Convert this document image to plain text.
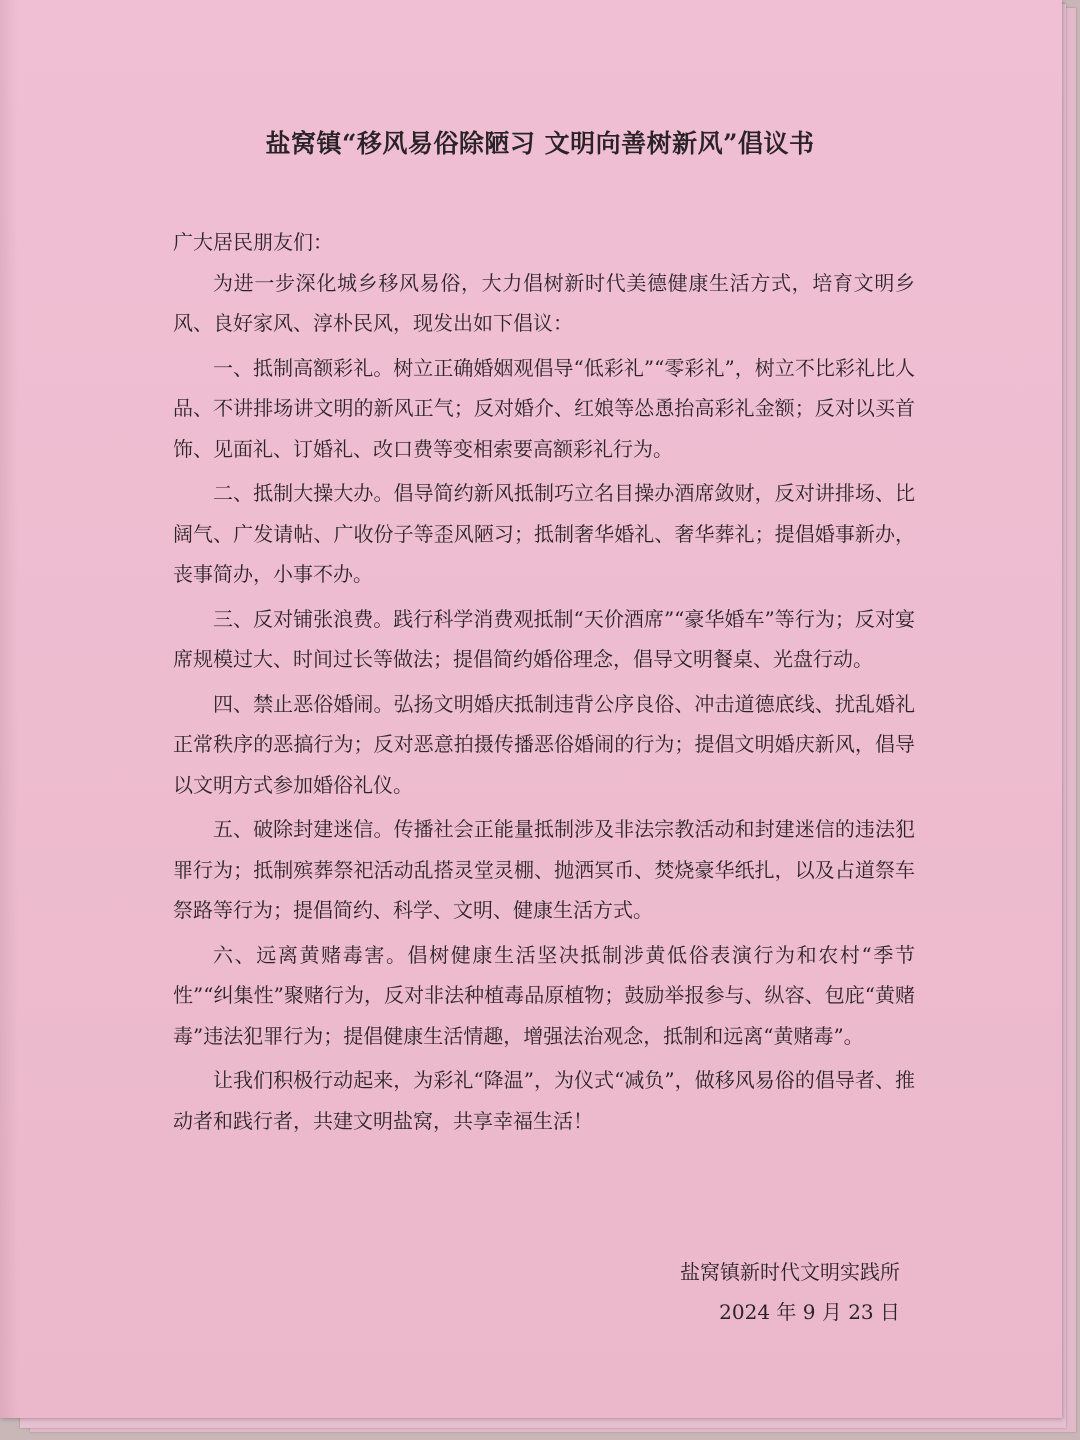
盐窝镇“移风易俗除陋习 文明向善树新风”倡议书

广大居民朋友们：

为进一步深化城乡移风易俗，大力倡树新时代美德健康生活方式，培育文明乡风、良好家风、淳朴民风，现发出如下倡议：

一、抵制高额彩礼。树立正确婚姻观倡导“低彩礼”“零彩礼”，树立不比彩礼比人品、不讲排场讲文明的新风正气；反对婚介、红娘等怂恿抬高彩礼金额；反对以买首饰、见面礼、订婚礼、改口费等变相索要高额彩礼行为。

二、抵制大操大办。倡导简约新风抵制巧立名目操办酒席敛财，反对讲排场、比阔气、广发请帖、广收份子等歪风陋习；抵制奢华婚礼、奢华葬礼；提倡婚事新办，丧事简办，小事不办。

三、反对铺张浪费。践行科学消费观抵制“天价酒席”“豪华婚车”等行为；反对宴席规模过大、时间过长等做法；提倡简约婚俗理念，倡导文明餐桌、光盘行动。

四、禁止恶俗婚闹。弘扬文明婚庆抵制违背公序良俗、冲击道德底线、扰乱婚礼正常秩序的恶搞行为；反对恶意拍摄传播恶俗婚闹的行为；提倡文明婚庆新风，倡导以文明方式参加婚俗礼仪。

五、破除封建迷信。传播社会正能量抵制涉及非法宗教活动和封建迷信的违法犯罪行为；抵制殡葬祭祀活动乱搭灵堂灵棚、抛洒冥币、焚烧豪华纸扎，以及占道祭车祭路等行为；提倡简约、科学、文明、健康生活方式。

六、远离黄赌毒害。倡树健康生活坚决抵制涉黄低俗表演行为和农村“季节性”“纠集性”聚赌行为，反对非法种植毒品原植物；鼓励举报参与、纵容、包庇“黄赌毒”违法犯罪行为；提倡健康生活情趣，增强法治观念，抵制和远离“黄赌毒”。

让我们积极行动起来，为彩礼“降温”，为仪式“减负”，做移风易俗的倡导者、推动者和践行者，共建文明盐窝，共享幸福生活！

盐窝镇新时代文明实践所
2024 年 9 月 23 日
